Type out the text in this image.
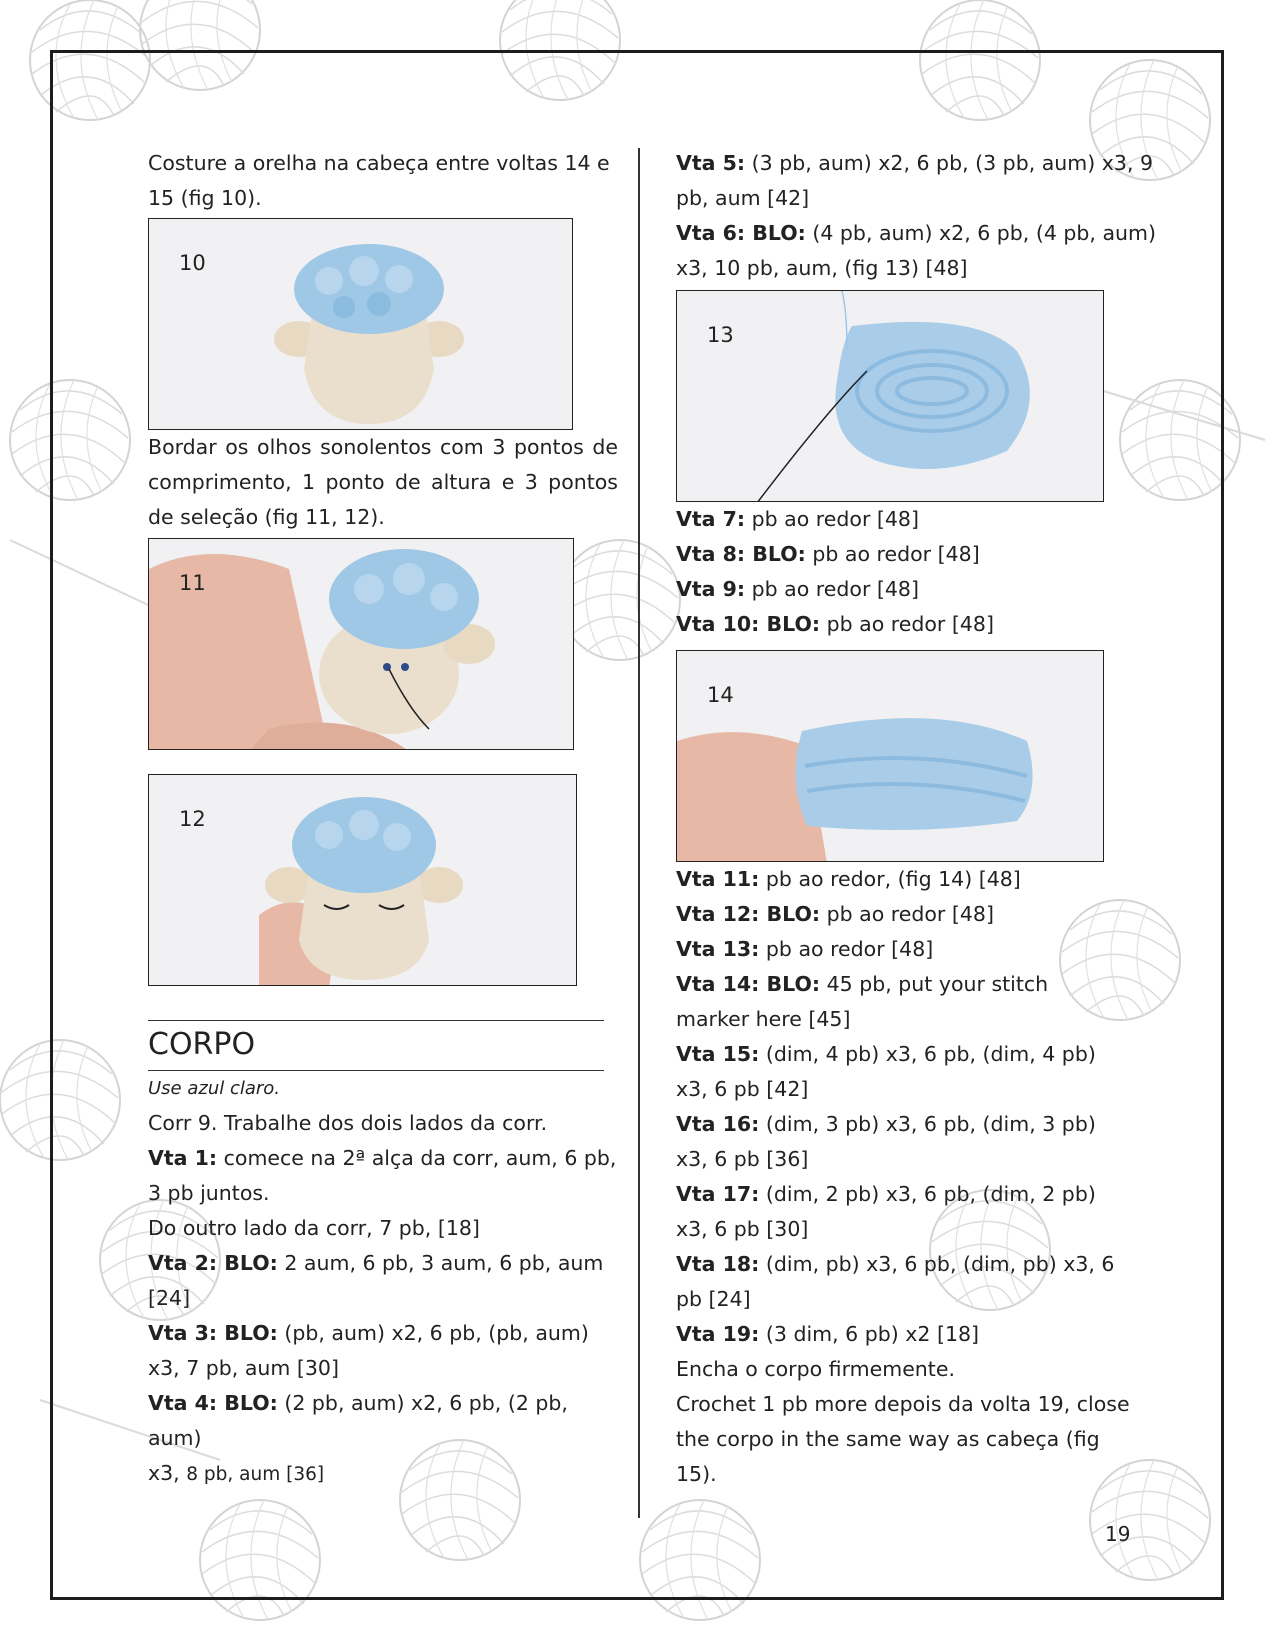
Costure a orelha na cabeça entre voltas 14 e 15 (fig 10).

10

Bordar os olhos sonolentos com 3 pontos de comprimento, 1 ponto de altura e 3 pontos de seleção (fig 11, 12).

11
12

CORPO

Use azul claro.

Corr 9. Trabalhe dos dois lados da corr.

Vta 1: comece na 2ª alça da corr, aum, 6 pb, 3 pb juntos.

Do outro lado da corr, 7 pb, [18]

Vta 2: BLO: 2 aum, 6 pb, 3 aum, 6 pb, aum [24]

Vta 3: BLO: (pb, aum) x2, 6 pb, (pb, aum) x3, 7 pb, aum [30]

Vta 4: BLO: (2 pb, aum) x2, 6 pb, (2 pb, aum)
x3, 8 pb, aum [36]

Vta 5: (3 pb, aum) x2, 6 pb, (3 pb, aum) x3, 9 pb, aum [42]

Vta 6: BLO: (4 pb, aum) x2, 6 pb, (4 pb, aum) x3, 10 pb, aum, (fig 13) [48]

13

Vta 7: pb ao redor [48]

Vta 8: BLO: pb ao redor [48]

Vta 9: pb ao redor [48]

Vta 10: BLO: pb ao redor [48]

14

Vta 11: pb ao redor, (fig 14) [48]

Vta 12: BLO: pb ao redor [48]

Vta 13: pb ao redor [48]

Vta 14: BLO: 45 pb, put your stitch marker here [45]

Vta 15: (dim, 4 pb) x3, 6 pb, (dim, 4 pb) x3, 6 pb [42]

Vta 16: (dim, 3 pb) x3, 6 pb, (dim, 3 pb) x3, 6 pb [36]

Vta 17: (dim, 2 pb) x3, 6 pb, (dim, 2 pb) x3, 6 pb [30]

Vta 18: (dim, pb) x3, 6 pb, (dim, pb) x3, 6 pb [24]

Vta 19: (3 dim, 6 pb) x2 [18]

Encha o corpo firmemente.

Crochet 1 pb more depois da volta 19, close the corpo in the same way as cabeça (fig 15).

19
